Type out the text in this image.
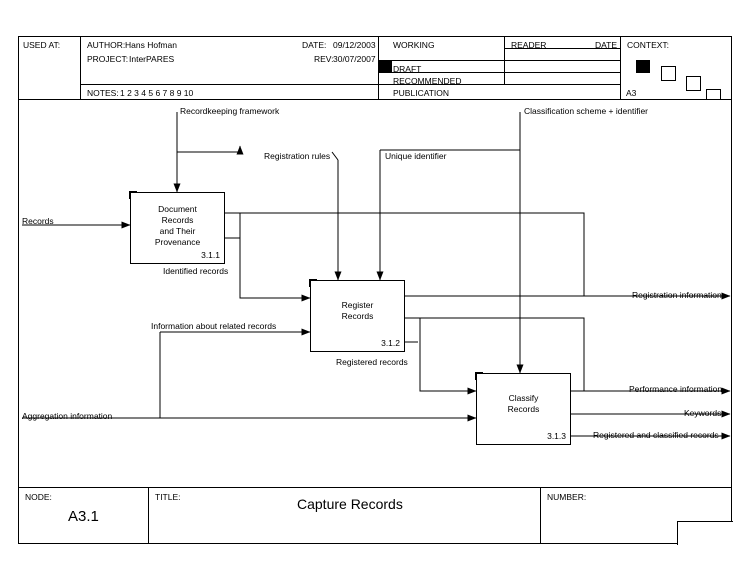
USED AT:	AUTHOR: Hans Hofman
PROJECT: InterPARES
DATE: 09/12/2003
REV: 30/07/2007
NOTES: 1 2 3 4 5 6 7 8 9 10
WORKING
DRAFT
RECOMMENDED
PUBLICATION
READER	DATE	CONTEXT:
A3
NODE:
A3.1
TITLE:	Capture Records	NUMBER:
Document
Records
and Their
Provenance
3.1.1
Register
Records
3.1.2
Classify
Records
3.1.3
Recordkeeping framework
Registration rules	Unique identifier
Classification scheme + identifier
Records
Identified records
Information about related records
Registered records
Aggregation information
Registration information
Performance information
Keywords
Registered and classified records
